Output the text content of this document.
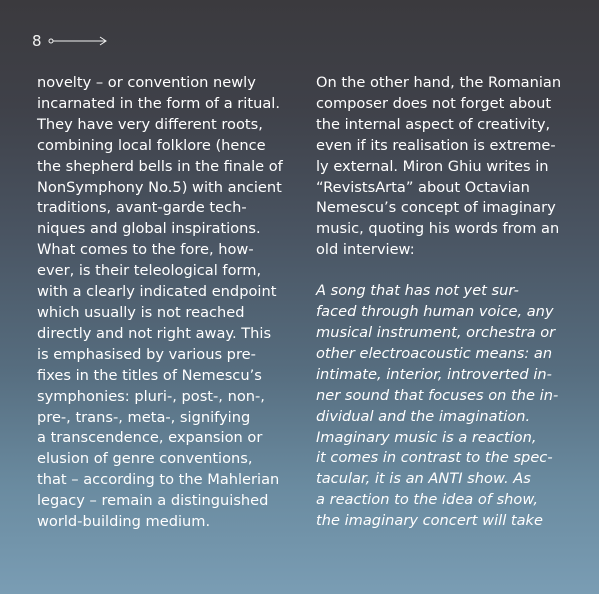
8
novelty – or convention newly
incarnated in the form of a ritual.
They have very different roots,
combining local folklore (hence
the shepherd bells in the finale of
NonSymphony No.5) with ancient
traditions, avant-garde tech-
niques and global inspirations.
What comes to the fore, how-
ever, is their teleological form,
with a clearly indicated endpoint
which usually is not reached
directly and not right away. This
is emphasised by various pre-
fixes in the titles of Nemescu’s
symphonies: pluri-, post-, non-,
pre-, trans-, meta-, signifying
a transcendence, expansion or
elusion of genre conventions,
that – according to the Mahlerian
legacy – remain a distinguished
world-building medium.
On the other hand, the Romanian
composer does not forget about
the internal aspect of creativity,
even if its realisation is extreme-
ly external. Miron Ghiu writes in
“RevistsArta” about Octavian
Nemescu’s concept of imaginary
music, quoting his words from an
old interview:
A song that has not yet sur-
faced through human voice, any
musical instrument, orchestra or
other electroacoustic means: an
intimate, interior, introverted in-
ner sound that focuses on the in-
dividual and the imagination.
Imaginary music is a reaction,
it comes in contrast to the spec-
tacular, it is an ANTI show. As
a reaction to the idea of show,
the imaginary concert will take
